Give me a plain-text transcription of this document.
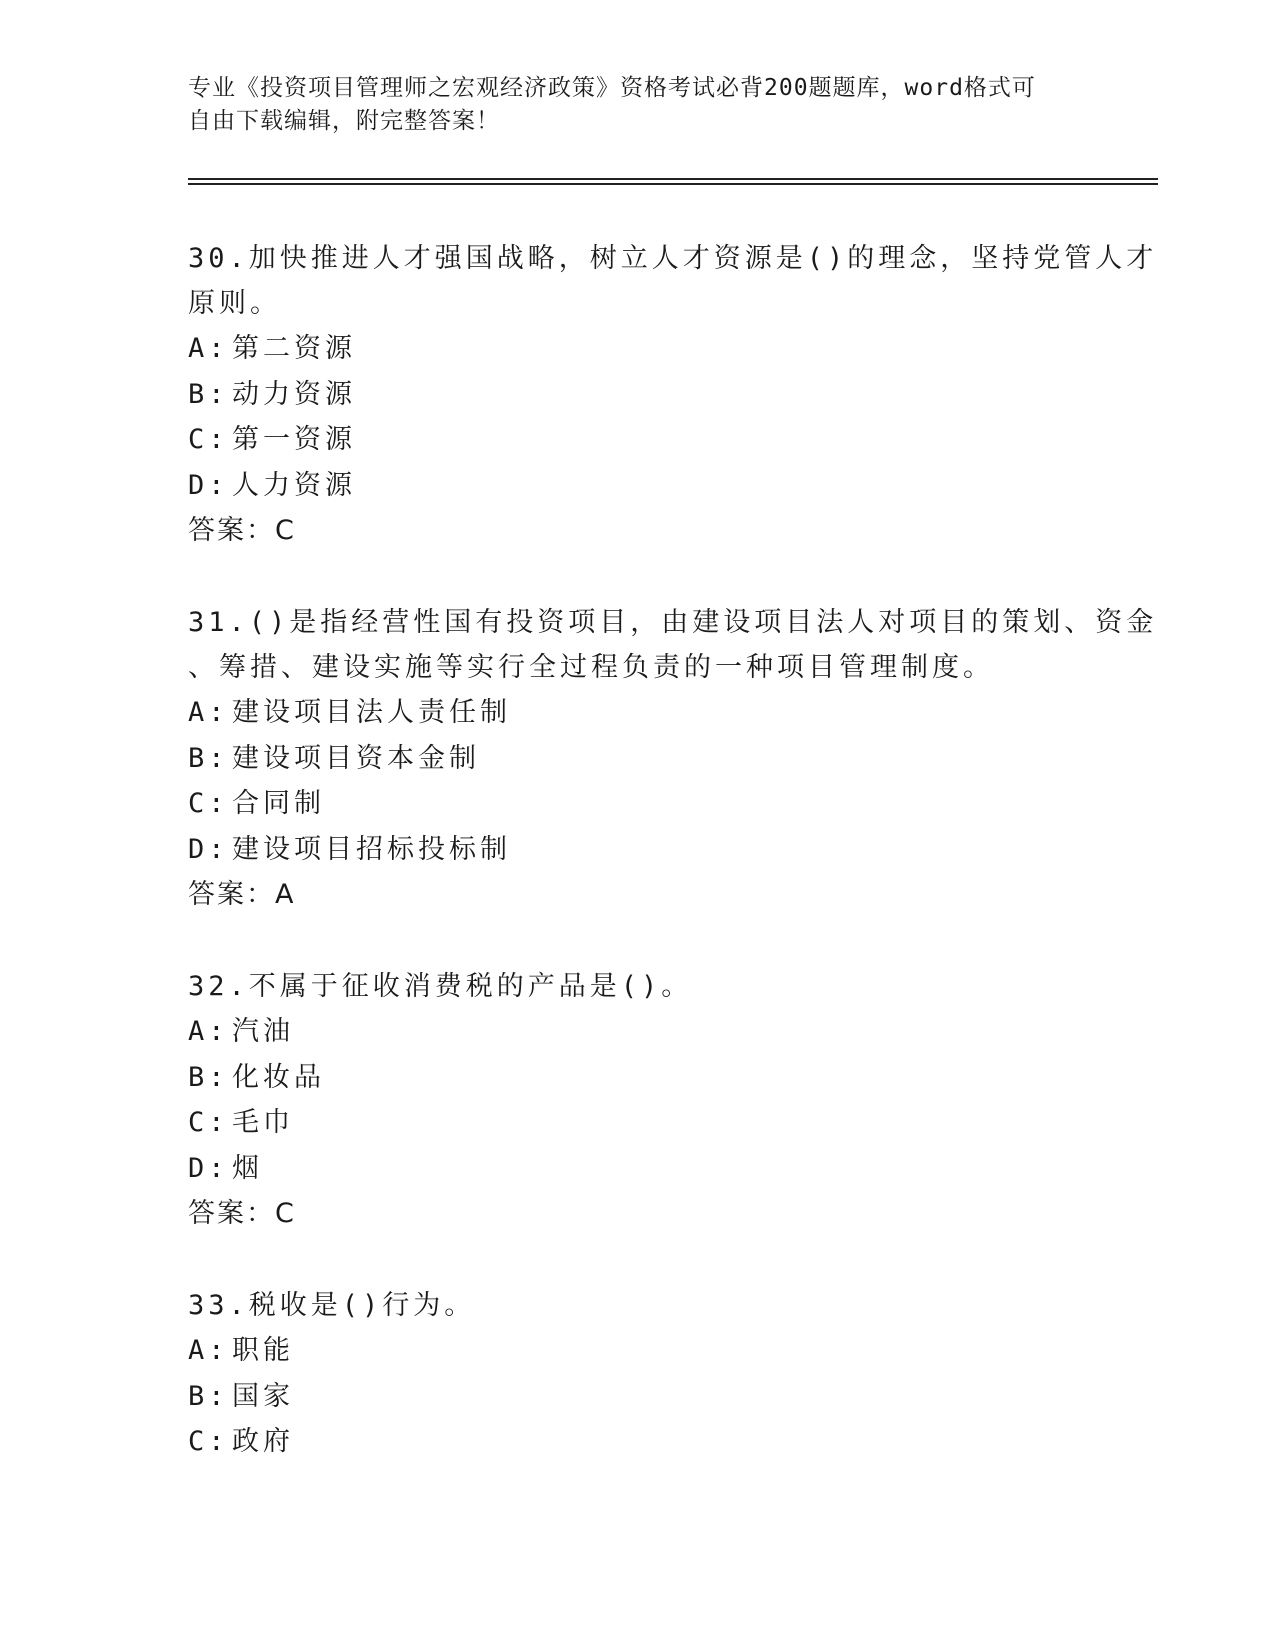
专业《投资项目管理师之宏观经济政策》资格考试必背200题题库，word格式可
自由下载编辑，附完整答案！
30.加快推进人才强国战略，树立人才资源是()的理念，坚持党管人才
原则。
A: 第二资源
B: 动力资源
C: 第一资源
D: 人力资源
答案：C
31.()是指经营性国有投资项目，由建设项目法人对项目的策划、资金
、筹措、建设实施等实行全过程负责的一种项目管理制度。
A: 建设项目法人责任制
B: 建设项目资本金制
C: 合同制
D: 建设项目招标投标制
答案：A
32.不属于征收消费税的产品是()。
A: 汽油
B: 化妆品
C: 毛巾
D: 烟
答案：C
33.税收是()行为。
A: 职能
B: 国家
C: 政府
